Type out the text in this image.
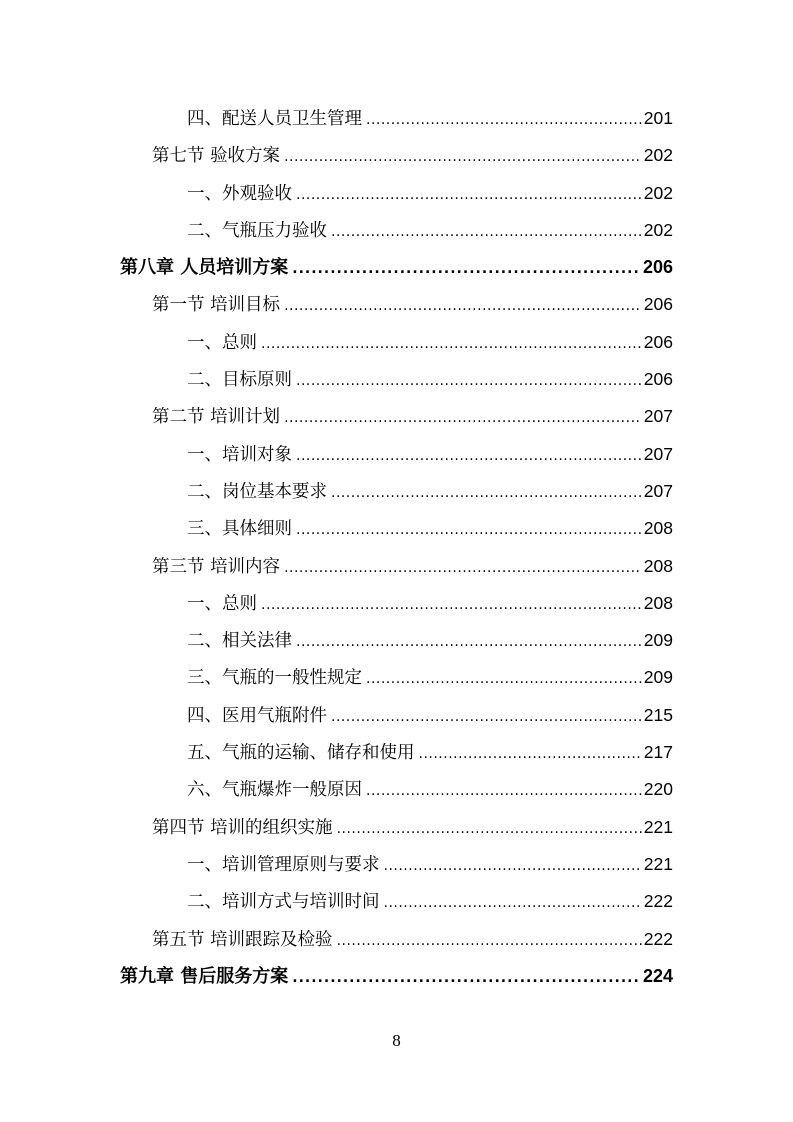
四、配送人员卫生管理 .....	201
第七节 验收方案 .....	202
一、外观验收 .....	202
二、气瓶压力验收 .....	202
第八章 人员培训方案 .....	206
第一节 培训目标 .....	206
一、总则 .....	206
二、目标原则 .....	206
第二节 培训计划 .....	207
一、培训对象 .....	207
二、岗位基本要求 .....	207
三、具体细则 .....	208
第三节 培训内容 .....	208
一、总则 .....	208
二、相关法律 .....	209
三、气瓶的一般性规定 .....	209
四、医用气瓶附件 .....	215
五、气瓶的运输、储存和使用 .....	217
六、气瓶爆炸一般原因 .....	220
第四节 培训的组织实施 .....	221
一、培训管理原则与要求 .....	221
二、培训方式与培训时间 .....	222
第五节 培训跟踪及检验 .....	222
第九章 售后服务方案 .....	224
8
